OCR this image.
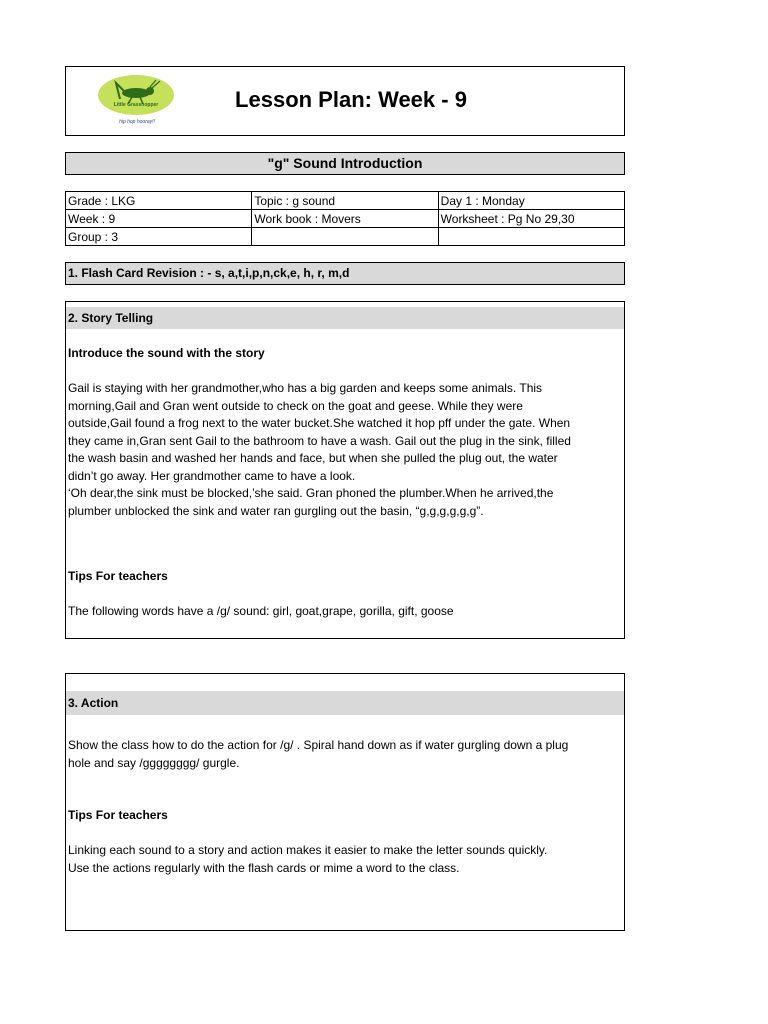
Little Grasshopper
hip hop hooray!!
Lesson Plan: Week - 9
"g" Sound Introduction
Grade : LKG	Topic : g sound	Day 1 : Monday
Week : 9	Work book : Movers	Worksheet : Pg No 29,30
Group : 3		
1. Flash Card Revision : - s, a,t,i,p,n,ck,e, h, r, m,d
2. Story Telling
Introduce the sound with the story
Gail is staying with her grandmother,who has a big garden and keeps some animals. This
morning,Gail and Gran went outside to check on the goat and geese. While they were
outside,Gail found a frog next to the water bucket.She watched it hop pff under the gate. When
they came in,Gran sent Gail to the bathroom to have a wash. Gail out the plug in the sink, filled
the wash basin and washed her hands and face, but when she pulled the plug out, the water
didn’t go away. Her grandmother came to have a look.
‘Oh dear,the sink must be blocked,’she said. Gran phoned the plumber.When he arrived,the
plumber unblocked the sink and water ran gurgling out the basin, “g,g,g,g,g,g”.
Tips For teachers
The following words have a /g/ sound: girl, goat,grape, gorilla, gift, goose
3. Action
Show the class how to do the action for /g/ . Spiral hand down as if water gurgling down a plug
hole and say /gggggggg/ gurgle.
Tips For teachers
Linking each sound to a story and action makes it easier to make the letter sounds quickly.
Use the actions regularly with the flash cards or mime a word to the class.
